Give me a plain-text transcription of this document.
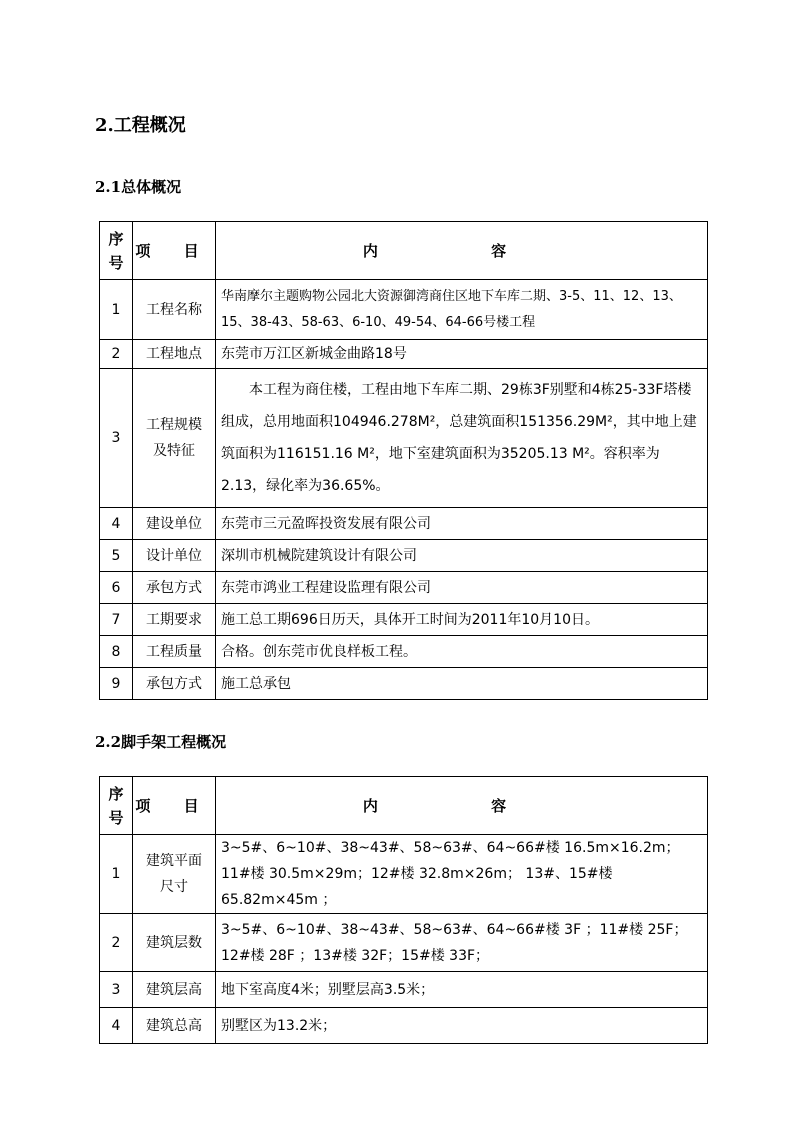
2.工程概况
2.1总体概况
序
号	项 目	内 容
1	工程名称	华南摩尔主题购物公园北大资源御湾商住区地下车库二期、3-5、11、12、13、15、38-43、58-63、6-10、49-54、64-66号楼工程
2	工程地点	东莞市万江区新城金曲路18号
3	工程规模
及特征	本工程为商住楼，工程由地下车库二期、29栋3F别墅和4栋25-33F塔楼组成，总用地面积104946.278M²，总建筑面积151356.29M²，其中地上建筑面积为116151.16 M²，地下室建筑面积为35205.13 M²。容积率为2.13，绿化率为36.65%。
4	建设单位	东莞市三元盈晖投资发展有限公司
5	设计单位	深圳市机械院建筑设计有限公司
6	承包方式	东莞市鸿业工程建设监理有限公司
7	工期要求	施工总工期696日历天，具体开工时间为2011年10月10日。
8	工程质量	合格。创东莞市优良样板工程。
9	承包方式	施工总承包
2.2脚手架工程概况
序
号	项 目	内 容
1	建筑平面
尺寸	3~5#、6~10#、38~43#、58~63#、64~66#楼 16.5m×16.2m；11#楼 30.5m×29m；12#楼 32.8m×26m； 13#、15#楼 65.82m×45m ；
2	建筑层数	3~5#、6~10#、38~43#、58~63#、64~66#楼 3F ；11#楼 25F；12#楼 28F ；13#楼 32F；15#楼 33F；
3	建筑层高	地下室高度4米；别墅层高3.5米；
4	建筑总高	别墅区为13.2米；
